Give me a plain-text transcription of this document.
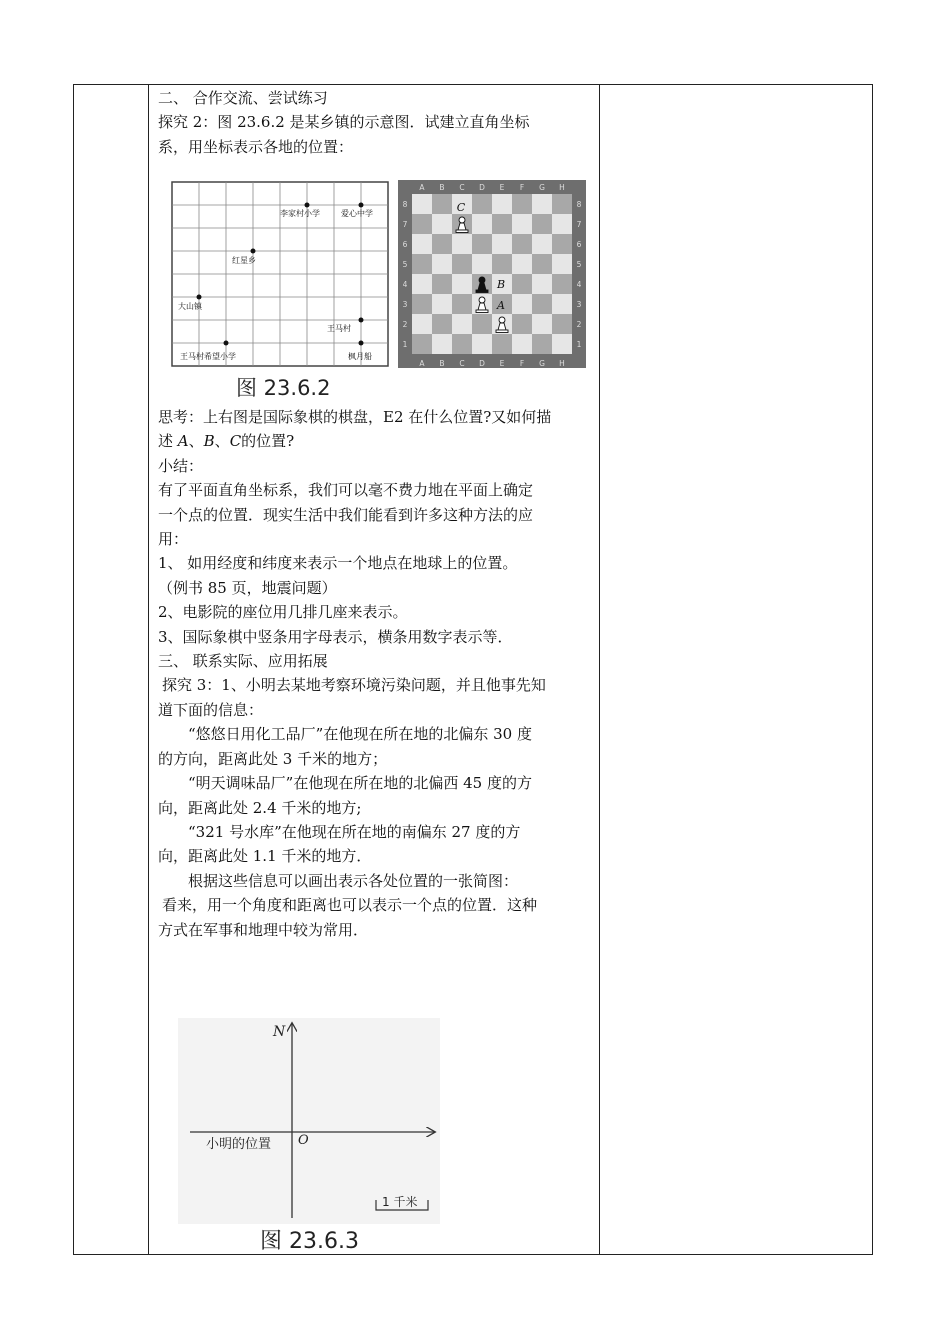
二、 合作交流、尝试练习

探究 2：图 23.6.2 是某乡镇的示意图．试建立直角坐标

系，用坐标表示各地的位置：

李家村小学	爱心中学
红星乡
大山镇
王马村
王马村希望小学	枫月船
A
A
B
B
C
C
D
D
E
E
F
F
G
G
H
H
8	8
7	7
6	6
5	5
4	4
3	3
2	2
1	1
C
B
A
图 23.6.2

思考：上右图是国际象棋的棋盘，E2 在什么位置?又如何描

述 A、B、C的位置?

小结：

有了平面直角坐标系，我们可以毫不费力地在平面上确定

一个点的位置．现实生活中我们能看到许多这种方法的应

用：

1、 如用经度和纬度来表示一个地点在地球上的位置。

（例书 85 页，地震问题）

2、电影院的座位用几排几座来表示。

3、国际象棋中竖条用字母表示，横条用数字表示等．

三、 联系实际、应用拓展

探究 3：1、小明去某地考察环境污染问题，并且他事先知

道下面的信息：

“悠悠日用化工品厂”在他现在所在地的北偏东 30 度

的方向，距离此处 3 千米的地方；

“明天调味品厂”在他现在所在地的北偏西 45 度的方

向，距离此处 2.4 千米的地方;

“321 号水库”在他现在所在地的南偏东 27 度的方

向，距离此处 1.1 千米的地方．

根据这些信息可以画出表示各处位置的一张简图：

看来，用一个角度和距离也可以表示一个点的位置．这种

方式在军事和地理中较为常用．

N
O
小明的位置
1 千米
图 23.6.3
